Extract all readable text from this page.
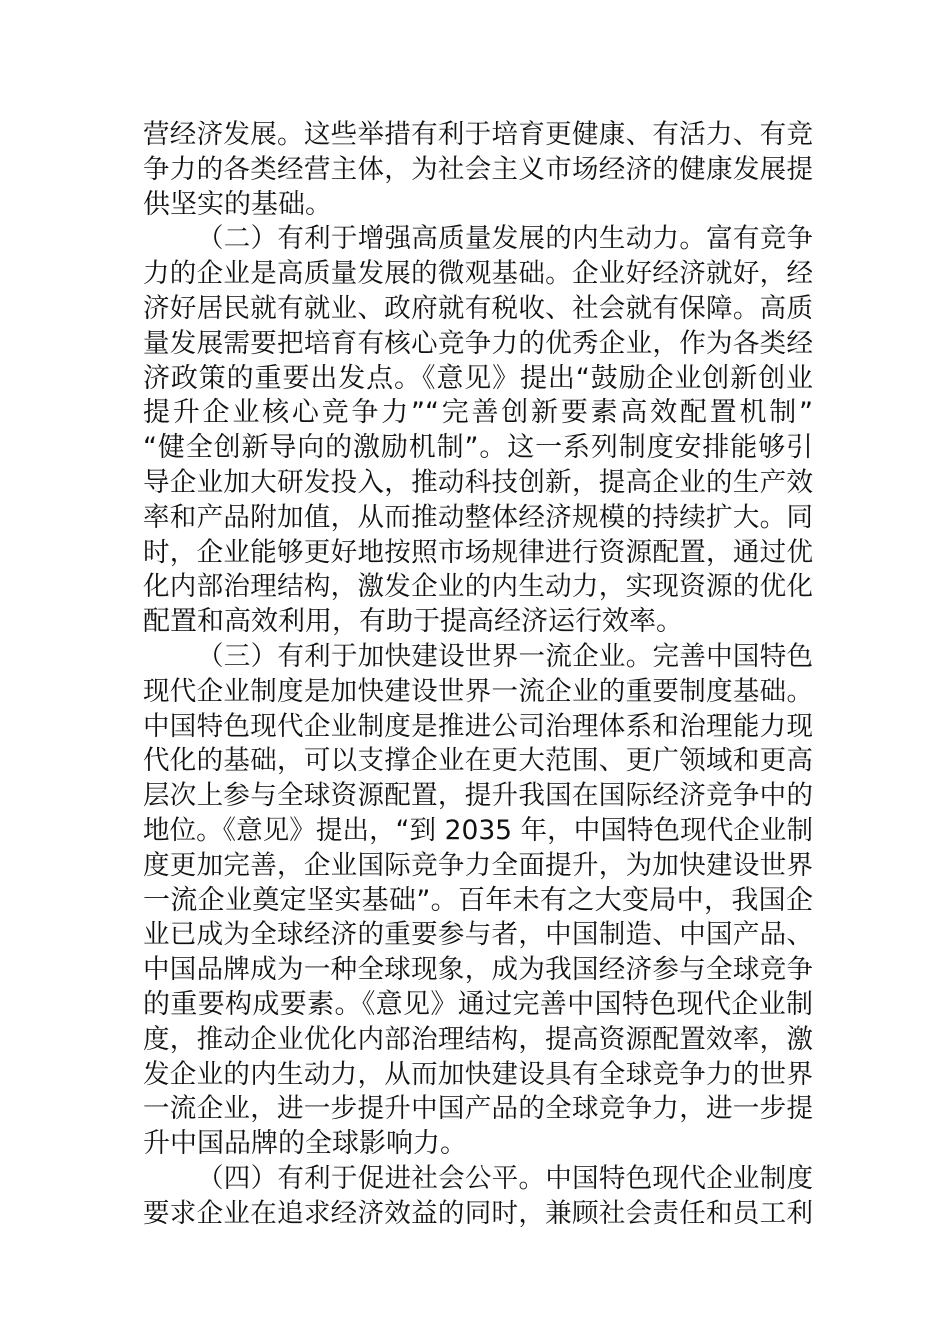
营经济发展。这些举措有利于培育更健康、有活力、有竞
争力的各类经营主体，为社会主义市场经济的健康发展提
供坚实的基础。
（二）有利于增强高质量发展的内生动力。富有竞争
力的企业是高质量发展的微观基础。企业好经济就好，经
济好居民就有就业、政府就有税收、社会就有保障。高质
量发展需要把培育有核心竞争力的优秀企业，作为各类经
济政策的重要出发点。《意见》提出“鼓励企业创新创业
提升企业核心竞争力”“完善创新要素高效配置机制”
“健全创新导向的激励机制”。这一系列制度安排能够引
导企业加大研发投入，推动科技创新，提高企业的生产效
率和产品附加值，从而推动整体经济规模的持续扩大。同
时，企业能够更好地按照市场规律进行资源配置，通过优
化内部治理结构，激发企业的内生动力，实现资源的优化
配置和高效利用，有助于提高经济运行效率。
（三）有利于加快建设世界一流企业。完善中国特色
现代企业制度是加快建设世界一流企业的重要制度基础。
中国特色现代企业制度是推进公司治理体系和治理能力现
代化的基础，可以支撑企业在更大范围、更广领域和更高
层次上参与全球资源配置，提升我国在国际经济竞争中的
地位。《意见》提出，“到 2035 年，中国特色现代企业制
度更加完善，企业国际竞争力全面提升，为加快建设世界
一流企业奠定坚实基础”。百年未有之大变局中，我国企
业已成为全球经济的重要参与者，中国制造、中国产品、
中国品牌成为一种全球现象，成为我国经济参与全球竞争
的重要构成要素。《意见》通过完善中国特色现代企业制
度，推动企业优化内部治理结构，提高资源配置效率，激
发企业的内生动力，从而加快建设具有全球竞争力的世界
一流企业，进一步提升中国产品的全球竞争力，进一步提
升中国品牌的全球影响力。
（四）有利于促进社会公平。中国特色现代企业制度
要求企业在追求经济效益的同时，兼顾社会责任和员工利
